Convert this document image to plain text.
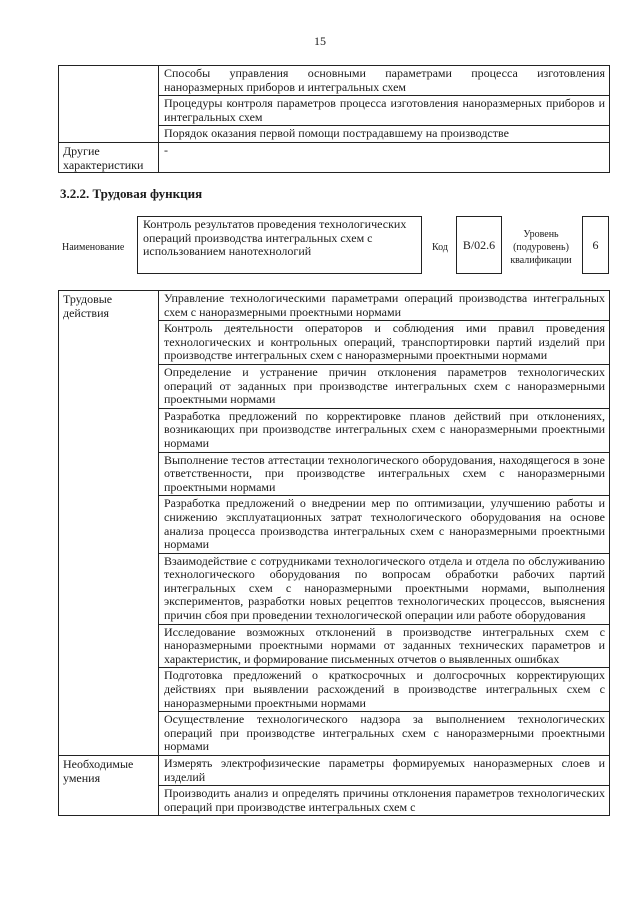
15
	Способы управления основными параметрами процесса изготовления наноразмерных приборов и интегральных схем
	Процедуры контроля параметров процесса изготовления наноразмерных приборов и интегральных схем
	Порядок оказания первой помощи пострадавшему на производстве
Другие характеристики	-
3.2.2. Трудовая функция
Наименование
Контроль результатов проведения технологических операций производства интегральных схем с использованием нанотехнологий	Код	B/02.6
Уровень (подуровень) квалификации
6
Трудовые действия	Управление технологическими параметрами операций производства интегральных схем с наноразмерными проектными нормами
	Контроль деятельности операторов и соблюдения ими правил проведения технологических и контрольных операций, транспортировки партий изделий при производстве интегральных схем с наноразмерными проектными нормами
	Определение и устранение причин отклонения параметров технологических операций от заданных при производстве интегральных схем с наноразмерными проектными нормами
	Разработка предложений по корректировке планов действий при отклонениях, возникающих при производстве интегральных схем с наноразмерными проектными нормами
	Выполнение тестов аттестации технологического оборудования, находящегося в зоне ответственности, при производстве интегральных схем с наноразмерными проектными нормами
	Разработка предложений о внедрении мер по оптимизации, улучшению работы и снижению эксплуатационных затрат технологического оборудования на основе анализа процесса производства интегральных схем с наноразмерными проектными нормами
	Взаимодействие с сотрудниками технологического отдела и отдела по обслуживанию технологического оборудования по вопросам обработки рабочих партий интегральных схем с наноразмерными проектными нормами, выполнения экспериментов, разработки новых рецептов технологических процессов, выяснения причин сбоя при проведении технологической операции или работе оборудования
	Исследование возможных отклонений в производстве интегральных схем с наноразмерными проектными нормами от заданных технических параметров и характеристик, и формирование письменных отчетов о выявленных ошибках
	Подготовка предложений о краткосрочных и долгосрочных корректирующих действиях при выявлении расхождений в производстве интегральных схем с наноразмерными проектными нормами
	Осуществление технологического надзора за выполнением технологических операций при производстве интегральных схем с наноразмерными проектными нормами
Необходимые умения	Измерять электрофизические параметры формируемых наноразмерных слоев и изделий
	Производить анализ и определять причины отклонения параметров технологических операций при производстве интегральных схем с
